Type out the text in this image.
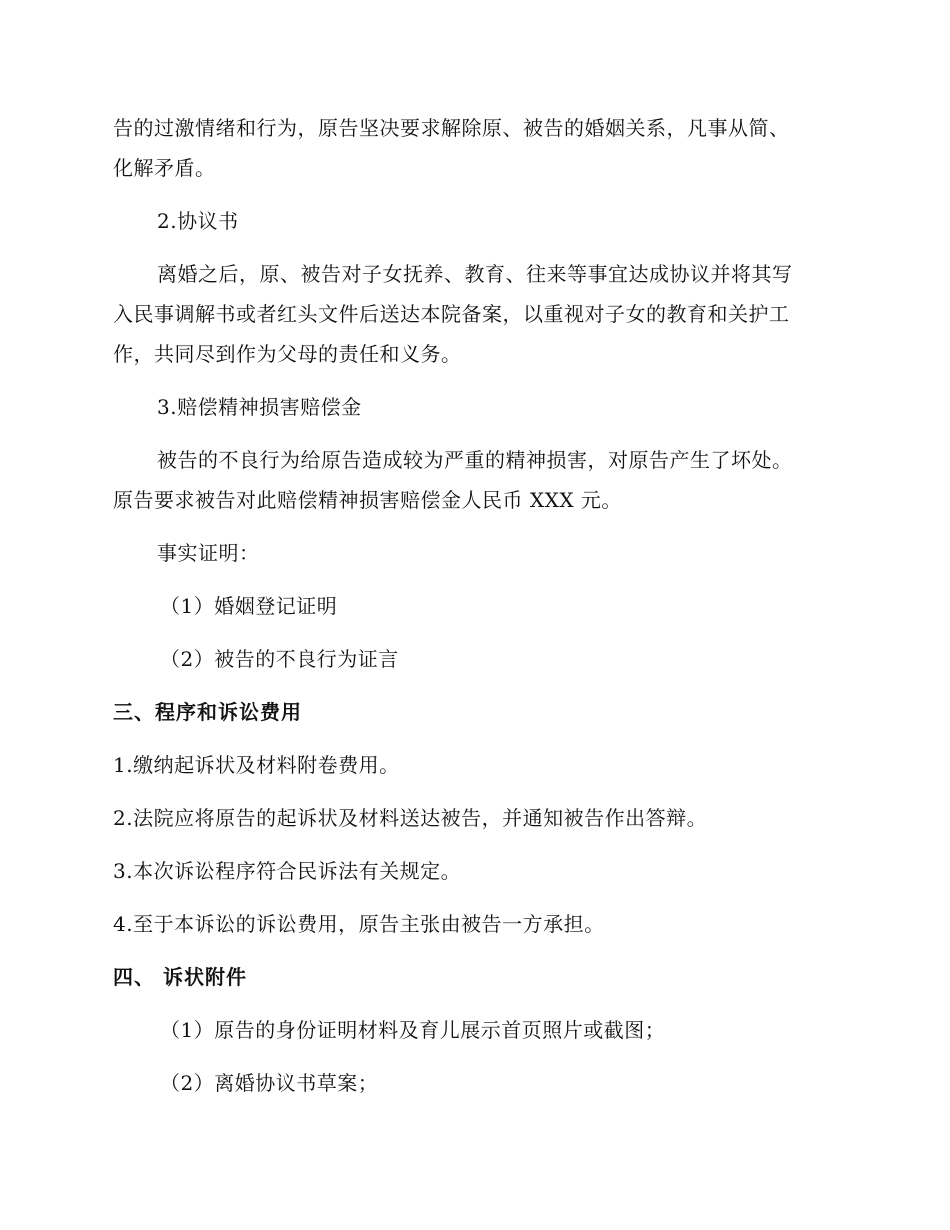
告的过激情绪和行为，原告坚决要求解除原、被告的婚姻关系，凡事从简、
化解矛盾。
2.协议书
离婚之后，原、被告对子女抚养、教育、往来等事宜达成协议并将其写
入民事调解书或者红头文件后送达本院备案，以重视对子女的教育和关护工
作，共同尽到作为父母的责任和义务。
3.赔偿精神损害赔偿金
被告的不良行为给原告造成较为严重的精神损害，对原告产生了坏处。
原告要求被告对此赔偿精神损害赔偿金人民币 XXX 元。
事实证明：
（1）婚姻登记证明
（2）被告的不良行为证言
三、程序和诉讼费用
1.缴纳起诉状及材料附卷费用。
2.法院应将原告的起诉状及材料送达被告，并通知被告作出答辩。
3.本次诉讼程序符合民诉法有关规定。
4.至于本诉讼的诉讼费用，原告主张由被告一方承担。
四、 诉状附件
（1）原告的身份证明材料及育儿展示首页照片或截图；
（2）离婚协议书草案；
